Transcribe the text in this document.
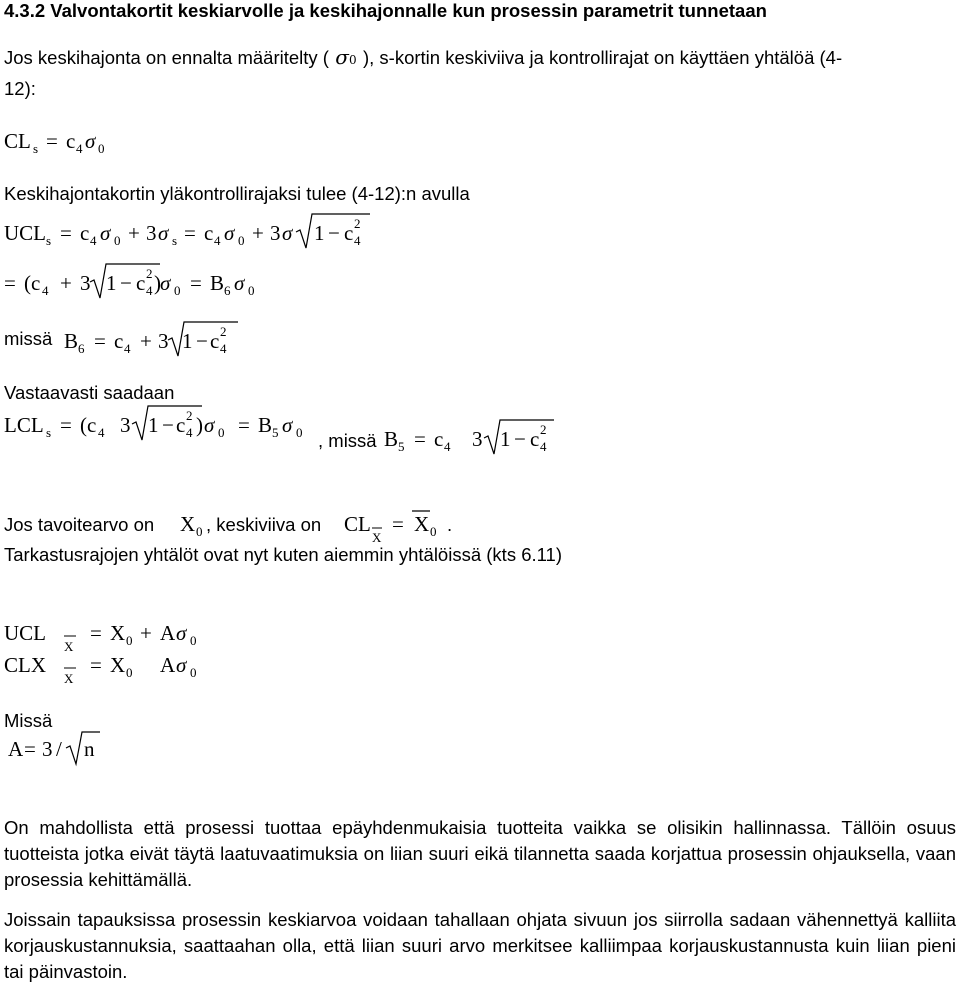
4.3.2 Valvontakortit keskiarvolle ja keskihajonnalle kun prosessin parametrit tunnetaan
Jos keskihajonta on ennalta määritelty ( σ0 ), s-kortin keskiviiva ja kontrollirajat on käyttäen yhtälöä (4-
12):
Keskihajontakortin yläkontrollirajaksi tulee (4-12):n avulla
missä
Vastaavasti saadaan
, missä
Jos tavoitearvo on	, keskiviiva on	.
Tarkastusrajojen yhtälöt ovat nyt kuten aiemmin yhtälöissä (kts 6.11)
Missä
On mahdollista että prosessi tuottaa epäyhdenmukaisia tuotteita vaikka se olisikin hallinnassa. Tällöin osuus tuotteista jotka eivät täytä laatuvaatimuksia on liian suuri eikä tilannetta saada korjattua prosessin ohjauksella, vaan prosessia kehittämällä.
Joissain tapauksissa prosessin keskiarvoa voidaan tahallaan ohjata sivuun jos siirrolla sadaan vähennettyä kalliita korjauskustannuksia, saattaahan olla, että liian suuri arvo merkitsee kalliimpaa korjauskustannusta kuin liian pieni tai päinvastoin.
CL s = c 4 σ 0
UCL s = c 4 σ 0 + 3 σ s = c 4 σ 0 + 3 σ 1 − c 4
2
= (c 4 + 3 1 − c 4
2 ) σ 0 = B 6 σ 0
B 6 = c 4 + 3 1 − c 4
2
LCL s = (c 4 3 1 − c 4
2 ) σ 0 = B 5 σ 0	B 5 = c 4 3 1 − c 4
2
X 0	CL
X
= X 0
UCL
X
= X 0 + A σ 0
CLX
X
= X 0 A σ 0
A = 3 / n
